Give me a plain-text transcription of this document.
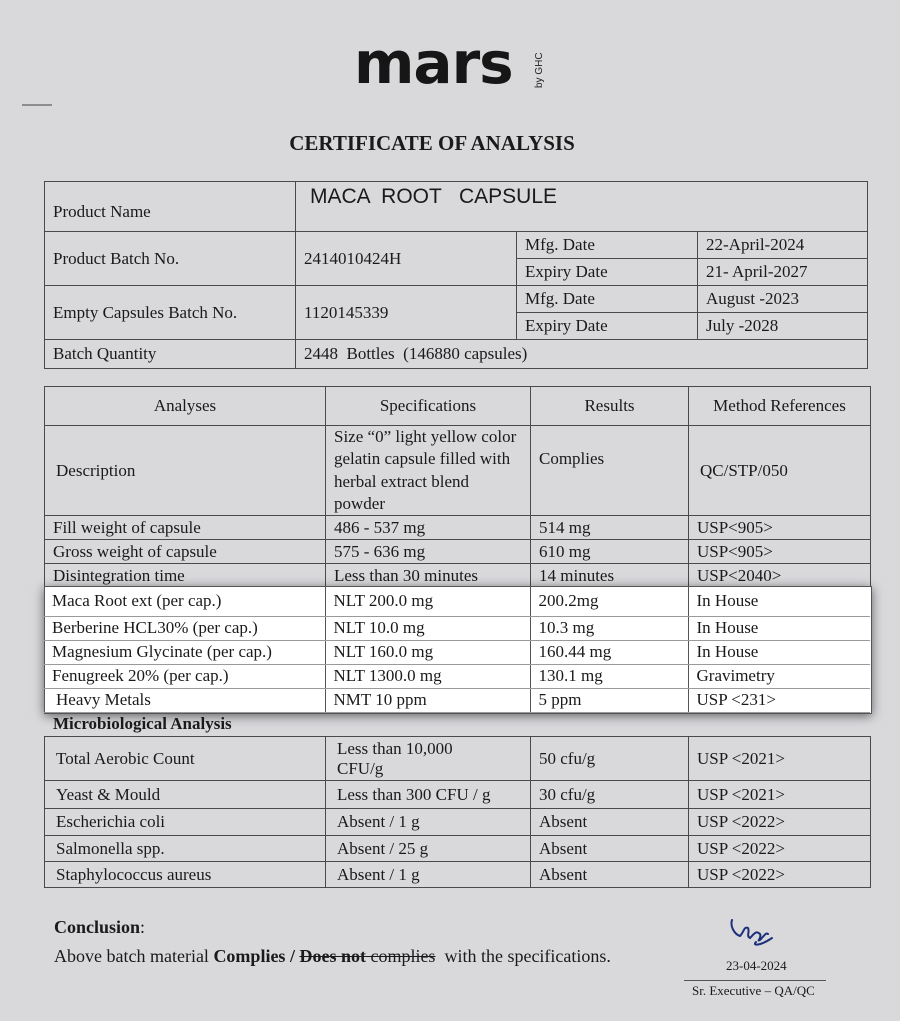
mars by GHC
CERTIFICATE OF ANALYSIS
Product Name	MACA  ROOT   CAPSULE		
Product Batch No.	2414010424H	Mfg. Date	22-April-2024
		Expiry Date	21- April-2027
Empty Capsules Batch No.	1120145339	Mfg. Date	August -2023
		Expiry Date	July -2028
Batch Quantity	2448  Bottles  (146880 capsules)		
Analyses	Specifications	Results	Method References
Description	Size “0” light yellow color gelatin capsule filled with herbal extract blend powder	Complies	QC/STP/050
Fill weight of capsule	486 - 537 mg	514 mg	USP<905>
Gross weight of capsule	575 - 636 mg	610 mg	USP<905>
Disintegration time	Less than 30 minutes	14 minutes	USP<2040>
Maca Root ext (per cap.)	NLT 200.0 mg	200.2mg	In House
Berberine HCL30% (per cap.)	NLT 10.0 mg	10.3 mg	In House
Magnesium Glycinate (per cap.)	NLT 160.0 mg	160.44 mg	In House
Fenugreek 20% (per cap.)	NLT 1300.0 mg	130.1 mg	Gravimetry
Heavy Metals	NMT 10 ppm	5 ppm	USP <231>
Microbiological Analysis
Total Aerobic Count	Less than 10,000 CFU/g	50 cfu/g	USP <2021>
Yeast & Mould	Less than 300 CFU / g	30 cfu/g	USP <2021>
Escherichia coli	Absent / 1 g	Absent	USP <2022>
Salmonella spp.	Absent / 25 g	Absent	USP <2022>
Staphylococcus aureus	Absent / 1 g	Absent	USP <2022>
Conclusion:
Above batch material Complies / Does not complies  with the specifications.	23-04-2024
Sr. Executive – QA/QC
